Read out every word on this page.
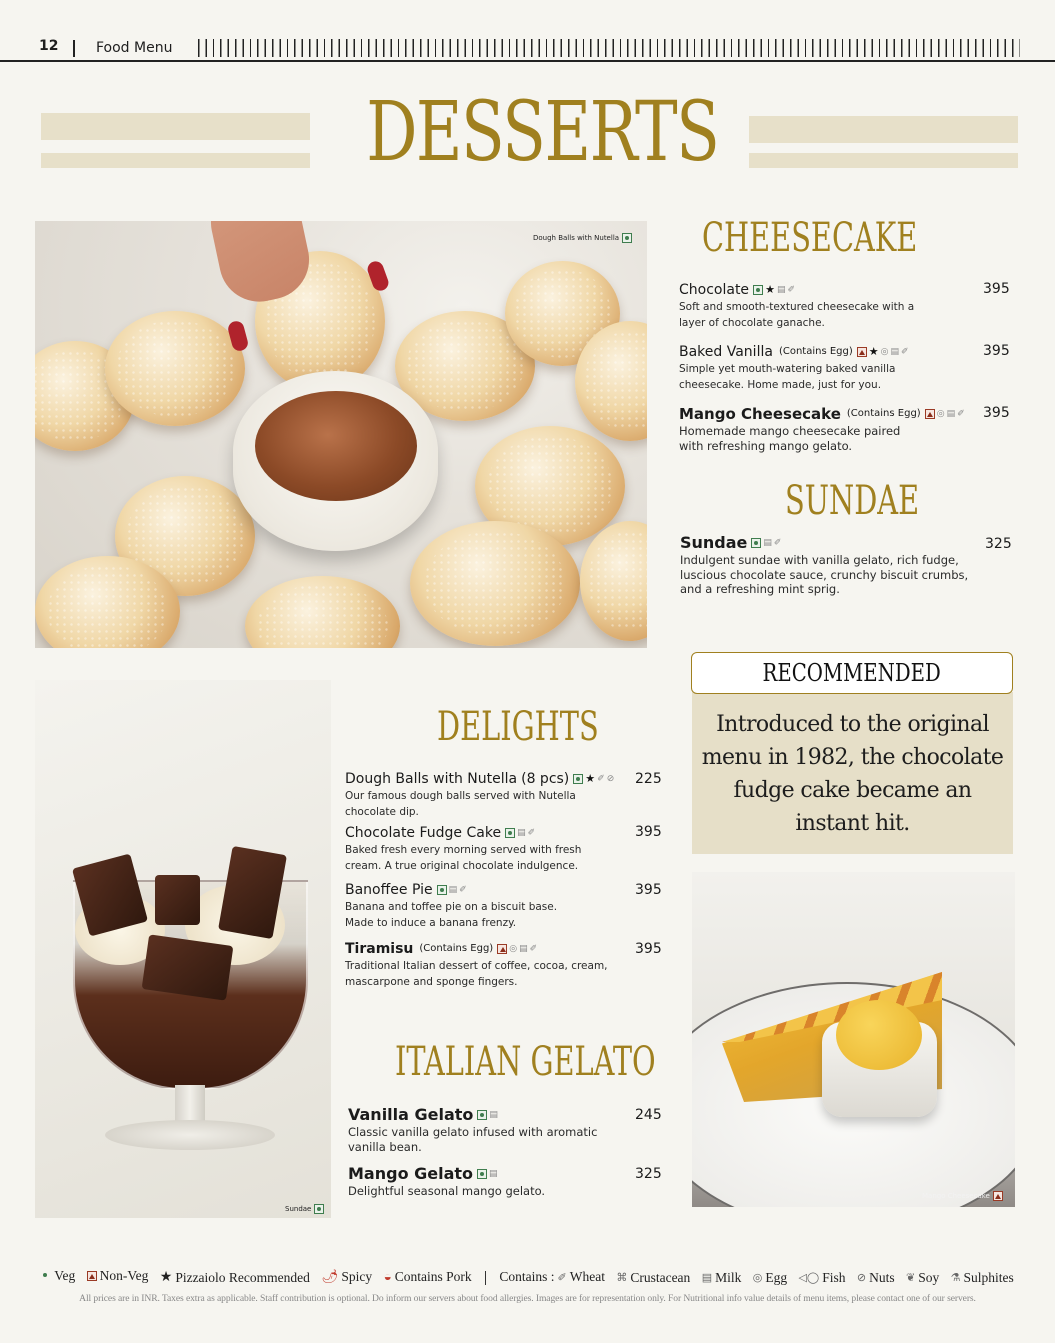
12	Food Menu
DESSERTS
Dough Balls with Nutella CHEESECAKE
Chocolate ★ ▤ ✐
Soft and smooth-textured cheesecake with a
layer of chocolate ganache.
395
Baked Vanilla (Contains Egg) ★ ◎ ▤ ✐
Simple yet mouth-watering baked vanilla
cheesecake. Home made, just for you.
395
Mango Cheesecake (Contains Egg) ◎ ▤ ✐
Homemade mango cheesecake paired
with refreshing mango gelato.
395
SUNDAE
Sundae ▤ ✐
Indulgent sundae with vanilla gelato, rich fudge,
luscious chocolate sauce, crunchy biscuit crumbs,
and a refreshing mint sprig.
325
Sundae
DELIGHTS
Dough Balls with Nutella (8 pcs) ★ ✐ ⊘
Our famous dough balls served with Nutella
chocolate dip.
225
Chocolate Fudge Cake ▤ ✐
Baked fresh every morning served with fresh
cream. A true original chocolate indulgence.
395
Banoffee Pie ▤ ✐
Banana and toffee pie on a biscuit base.
Made to induce a banana frenzy.
395
Tiramisu (Contains Egg) ◎ ▤ ✐
Traditional Italian dessert of coffee, cocoa, cream,
mascarpone and sponge fingers.
395
ITALIAN GELATO
Vanilla Gelato ▤
Classic vanilla gelato infused with aromatic
vanilla bean.
245
Mango Gelato ▤
Delightful seasonal mango gelato.
325
RECOMMENDED
Introduced to the original menu in 1982, the chocolate fudge cake became an instant hit.
Mango Cheesecake
Veg
Non-Veg
★ Pizzaiolo Recommended
🌶 Spicy
◒ Contains Pork
Contains : ✐ Wheat
⌘ Crustacean
▤ Milk
◎ Egg
◁◯ Fish
⊘ Nuts
❦ Soy
⚗ Sulphites
All prices are in INR. Taxes extra as applicable. Staff contribution is optional. Do inform our servers about food allergies. Images are for representation only. For Nutritional info value details of menu items, please contact one of our servers.
